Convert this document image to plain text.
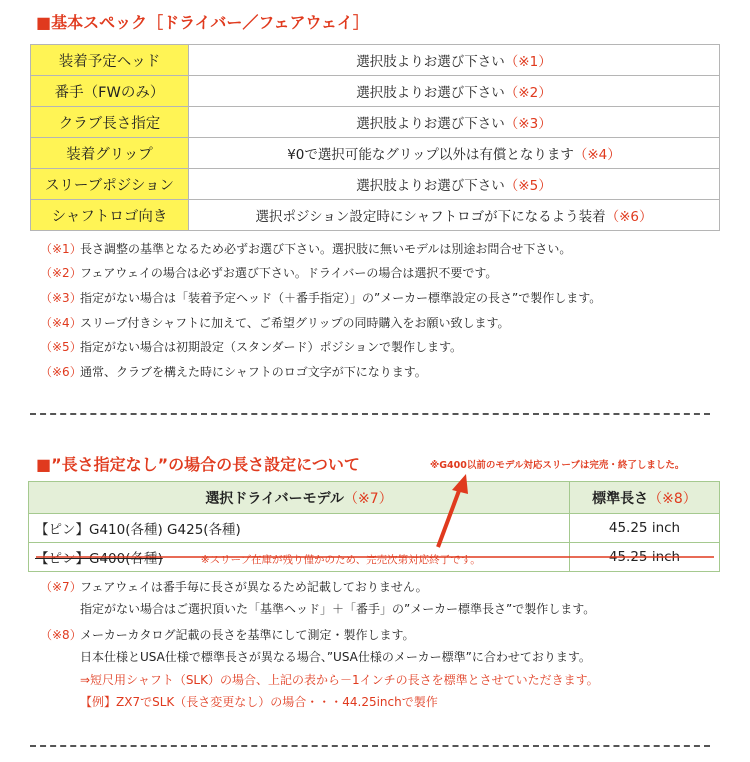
■基本スペック［ドライバー／フェアウェイ］
装着予定ヘッド	選択肢よりお選び下さい（※1）
番手（FWのみ）	選択肢よりお選び下さい（※2）
クラブ長さ指定	選択肢よりお選び下さい（※3）
装着グリップ	¥0で選択可能なグリップ以外は有償となります（※4）
スリーブポジション	選択肢よりお選び下さい（※5）
シャフトロゴ向き	選択ポジション設定時にシャフトロゴが下になるよう装着（※6）
（※1）
長さ調整の基準となるため必ずお選び下さい。選択肢に無いモデルは別途お問合せ下さい。
（※2）
フェアウェイの場合は必ずお選び下さい。ドライバーの場合は選択不要です。
（※3）
指定がない場合は「装着予定ヘッド（＋番手指定）」の”メーカー標準設定の長さ”で製作します。
（※4）
スリーブ付きシャフトに加えて、ご希望グリップの同時購入をお願い致します。
（※5）
指定がない場合は初期設定（スタンダード）ポジションで製作します。
（※6）
通常、クラブを構えた時にシャフトのロゴ文字が下になります。
■”長さ指定なし”の場合の長さ設定について	※G400以前のモデル対応スリーブは完売・終了しました。
選択ドライバーモデル（※7）	標準長さ（※8）
【ピン】G410(各種) G425(各種)	45.25 inch
【ピン】G400(各種) ※スリーブ在庫が残り僅かのため、完売次第対応終了です。	45.25 inch
（※7）
フェアウェイは番手毎に長さが異なるため記載しておりません。
指定がない場合はご選択頂いた「基準ヘッド」＋「番手」の”メーカー標準長さ”で製作します。
（※8）
メーカーカタログ記載の長さを基準にして測定・製作します。
日本仕様とUSA仕様で標準長さが異なる場合、”USA仕様のメーカー標準”に合わせております。
⇒短尺用シャフト（SLK）の場合、上記の表から－1インチの長さを標準とさせていただきます。
【例】ZX7でSLK（長さ変更なし）の場合・・・44.25inchで製作
